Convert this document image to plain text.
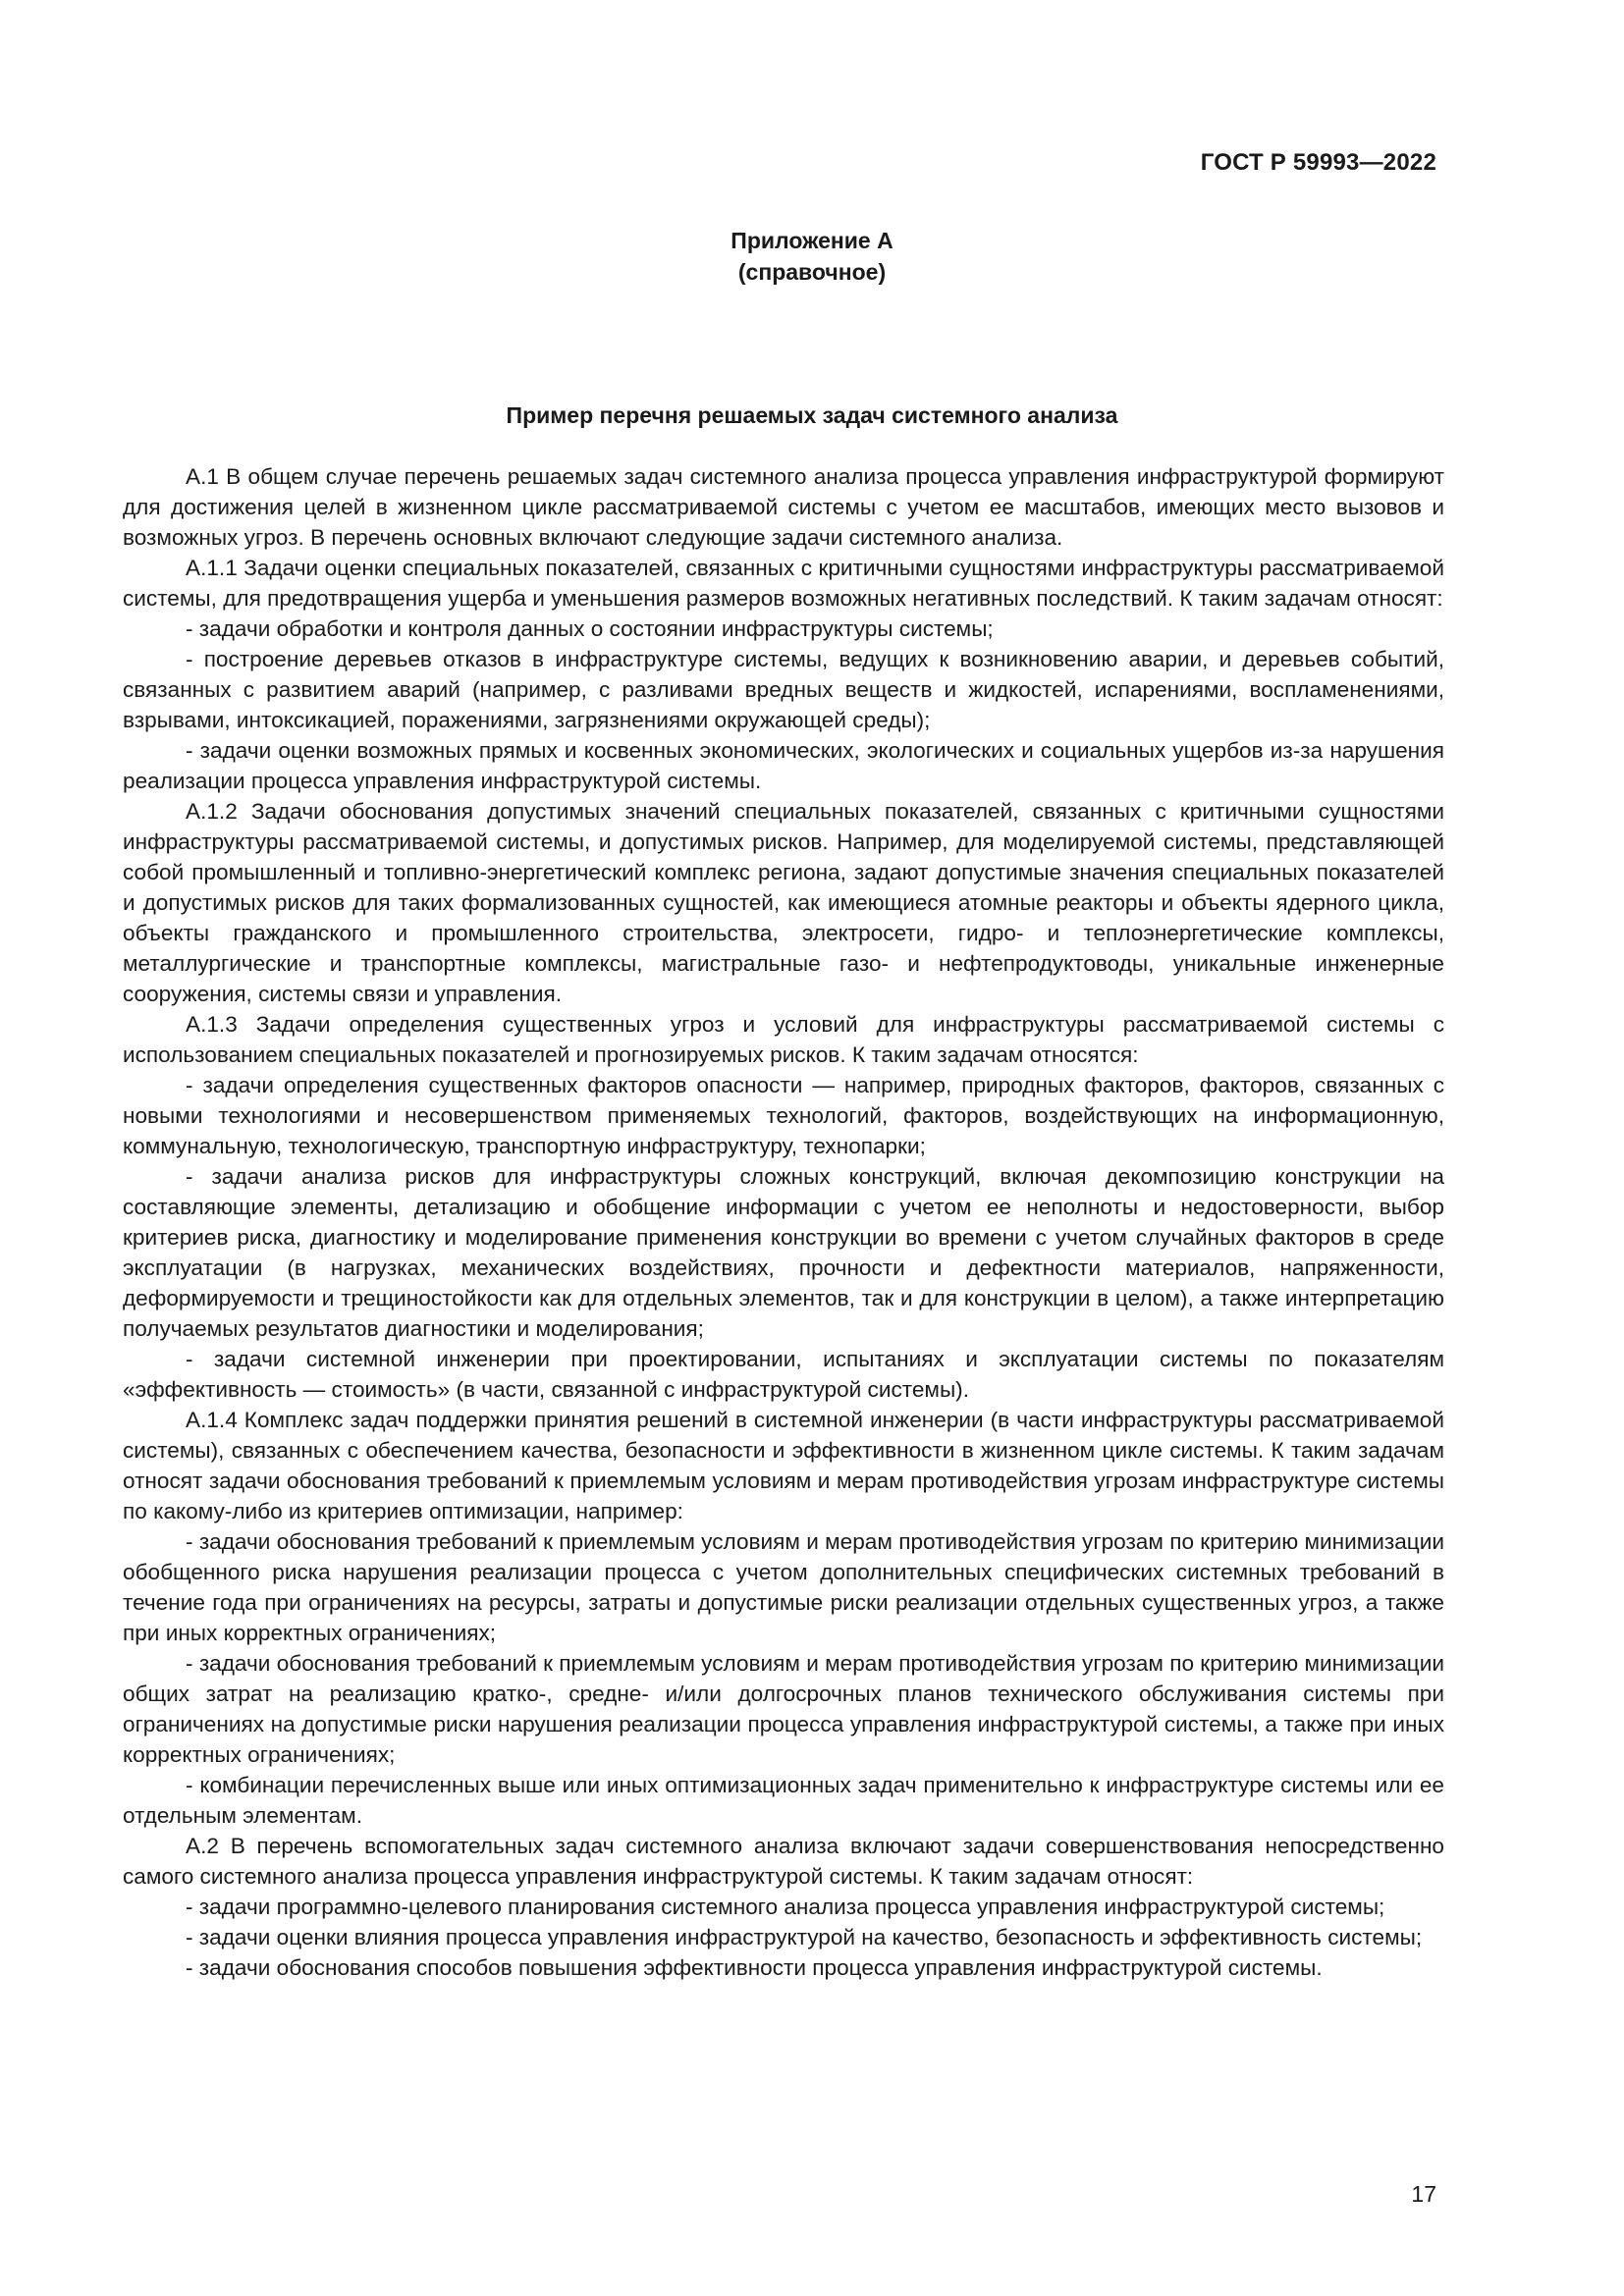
ГОСТ Р 59993—2022
Приложение А
(справочное)
Пример перечня решаемых задач системного анализа

А.1 В общем случае перечень решаемых задач системного анализа процесса управления инфраструктурой формируют для достижения целей в жизненном цикле рассматриваемой системы с учетом ее масштабов, имеющих место вызовов и возможных угроз. В перечень основных включают следующие задачи системного анализа.

А.1.1 Задачи оценки специальных показателей, связанных с критичными сущностями инфраструктуры рассматриваемой системы, для предотвращения ущерба и уменьшения размеров возможных негативных последствий. К таким задачам относят:

- задачи обработки и контроля данных о состоянии инфраструктуры системы;

- построение деревьев отказов в инфраструктуре системы, ведущих к возникновению аварии, и деревьев событий, связанных с развитием аварий (например, с разливами вредных веществ и жидкостей, испарениями, воспламенениями, взрывами, интоксикацией, поражениями, загрязнениями окружающей среды);

- задачи оценки возможных прямых и косвенных экономических, экологических и социальных ущербов из-за нарушения реализации процесса управления инфраструктурой системы.

А.1.2 Задачи обоснования допустимых значений специальных показателей, связанных с критичными сущностями инфраструктуры рассматриваемой системы, и допустимых рисков. Например, для моделируемой системы, представляющей собой промышленный и топливно-энергетический комплекс региона, задают допустимые значения специальных показателей и допустимых рисков для таких формализованных сущностей, как имеющиеся атомные реакторы и объекты ядерного цикла, объекты гражданского и промышленного строительства, электросети, гидро- и теплоэнергетические комплексы, металлургические и транспортные комплексы, магистральные газо- и нефтепродуктоводы, уникальные инженерные сооружения, системы связи и управления.

А.1.3 Задачи определения существенных угроз и условий для инфраструктуры рассматриваемой системы с использованием специальных показателей и прогнозируемых рисков. К таким задачам относятся:

- задачи определения существенных факторов опасности — например, природных факторов, факторов, связанных с новыми технологиями и несовершенством применяемых технологий, факторов, воздействующих на информационную, коммунальную, технологическую, транспортную инфраструктуру, технопарки;

- задачи анализа рисков для инфраструктуры сложных конструкций, включая декомпозицию конструкции на составляющие элементы, детализацию и обобщение информации с учетом ее неполноты и недостоверности, выбор критериев риска, диагностику и моделирование применения конструкции во времени с учетом случайных факторов в среде эксплуатации (в нагрузках, механических воздействиях, прочности и дефектности материалов, напряженности, деформируемости и трещиностойкости как для отдельных элементов, так и для конструкции в целом), а также интерпретацию получаемых результатов диагностики и моделирования;

- задачи системной инженерии при проектировании, испытаниях и эксплуатации системы по показателям «эффективность — стоимость» (в части, связанной с инфраструктурой системы).

А.1.4 Комплекс задач поддержки принятия решений в системной инженерии (в части инфраструктуры рассматриваемой системы), связанных с обеспечением качества, безопасности и эффективности в жизненном цикле системы. К таким задачам относят задачи обоснования требований к приемлемым условиям и мерам противодействия угрозам инфраструктуре системы по какому-либо из критериев оптимизации, например:

- задачи обоснования требований к приемлемым условиям и мерам противодействия угрозам по критерию минимизации обобщенного риска нарушения реализации процесса с учетом дополнительных специфических системных требований в течение года при ограничениях на ресурсы, затраты и допустимые риски реализации отдельных существенных угроз, а также при иных корректных ограничениях;

- задачи обоснования требований к приемлемым условиям и мерам противодействия угрозам по критерию минимизации общих затрат на реализацию кратко-, средне- и/или долгосрочных планов технического обслуживания системы при ограничениях на допустимые риски нарушения реализации процесса управления инфраструктурой системы, а также при иных корректных ограничениях;

- комбинации перечисленных выше или иных оптимизационных задач применительно к инфраструктуре системы или ее отдельным элементам.

А.2 В перечень вспомогательных задач системного анализа включают задачи совершенствования непосредственно самого системного анализа процесса управления инфраструктурой системы. К таким задачам относят:

- задачи программно-целевого планирования системного анализа процесса управления инфраструктурой системы;

- задачи оценки влияния процесса управления инфраструктурой на качество, безопасность и эффективность системы;

- задачи обоснования способов повышения эффективности процесса управления инфраструктурой системы.

17
